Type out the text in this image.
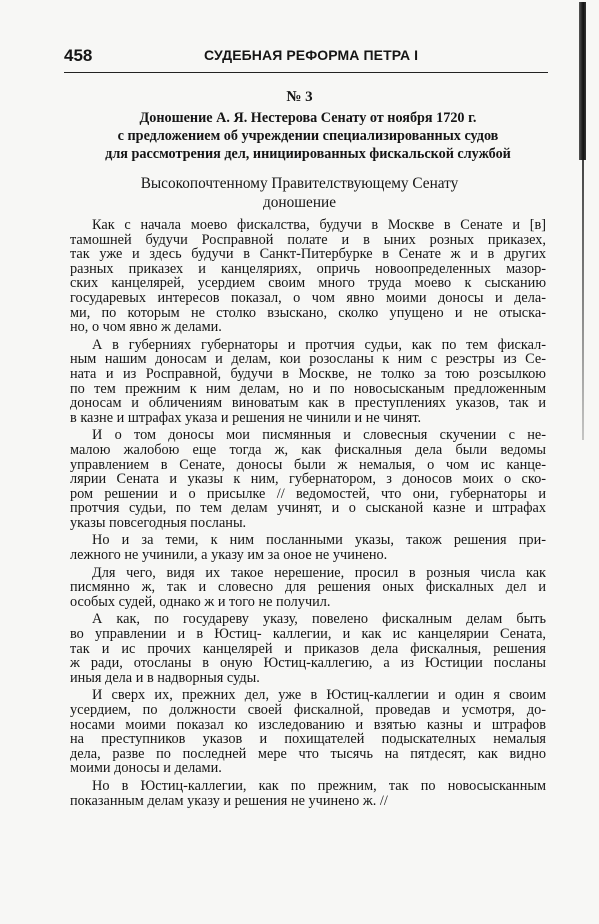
458	СУДЕБНАЯ РЕФОРМА ПЕТРА I
№ 3
Доношение А. Я. Нестерова Сенату от ноября 1720 г.
с предложением об учреждении специализированных судов
для рассмотрения дел, инициированных фискальской службой
Высокопочтенному Правителствующему Сенату
доношение
Как с начала моево фискалства, будучи в Москве в Сенате и [в]
тамошней будучи Росправной полате и в ыних розных приказех,
так уже и здесь будучи в Санкт-Питербурке в Сенате ж и в других
разных приказех и канцеляриях, опричь новоопределенных мазор-
ских канцелярей, усердием своим много труда моево к сысканию
государевых интересов показал, о чом явно моими доносы и дела-
ми, по которым не столко взыскано, сколко упущено и не отыска-
но, о чом явно ж делами.
А в губерниях губернаторы и протчия судьи, как по тем фискал-
ным нашим доносам и делам, кои розосланы к ним с реэстры из Се-
ната и из Росправной, будучи в Москве, не толко за тою розсылкою
по тем прежним к ним делам, но и по новосысканым предложенным
доносам и обличениям виноватым как в преступлениях указов, так и
в казне и штрафах указа и решения не чинили и не чинят.
И о том доносы мои писмянныя и словесныя скучении с не-
малою жалобою еще тогда ж, как фискалныя дела были ведомы
управлением в Сенате, доносы были ж немалыя, о чом ис канце-
лярии Сената и указы к ним, губернатором, з доносов моих о ско-
ром решении и о присылке // ведомостей, что они, губернаторы и
протчия судьи, по тем делам учинят, и о сысканой казне и штрафах
указы повсегодныя посланы.
Но и за теми, к ним посланными указы, також решения при-
лежного не учинили, а указу им за оное не учинено.
Для чего, видя их такое нерешение, просил в розныя числа как
писмянно ж, так и словесно для решения оных фискалных дел и
особых судей, однако ж и того не получил.
А как, по государеву указу, повелено фискалным делам быть
во управлении и в Юстиц- каллегии, и как ис канцелярии Сената,
так и ис прочих канцелярей и приказов дела фискалныя, решения
ж ради, отосланы в оную Юстиц-каллегию, а из Юстиции посланы
иныя дела и в надворныя суды.
И сверх их, прежних дел, уже в Юстиц-каллегии и один я своим
усердием, по должности своей фискалной, проведав и усмотря, до-
носами моими показал ко изследованию и взятью казны и штрафов
на преступников указов и похищателей подыскателных немалыя
дела, разве по последней мере что тысячь на пятдесят, как видно
моими доносы и делами.
Но в Юстиц-каллегии, как по прежним, так по новосысканным
показанным делам указу и решения не учинено ж. //
